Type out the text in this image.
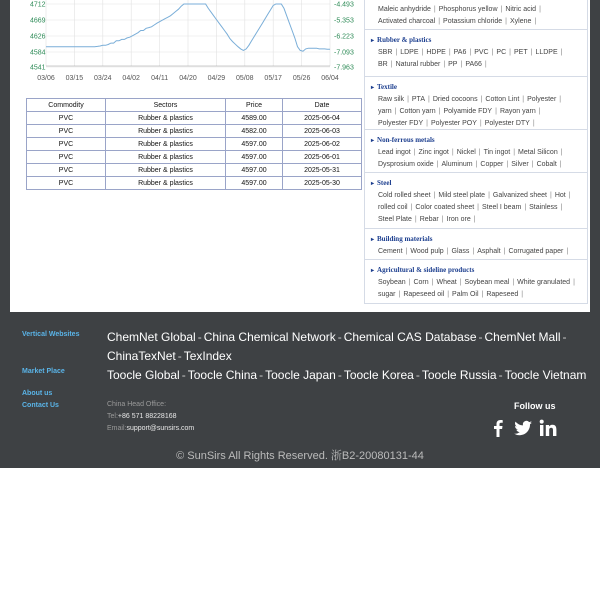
4712
4669
4626
4584
4541
-4.493
-5.353
-6.223
-7.093
-7.963
03/06 03/15 03/24 04/02 04/11 04/20 04/29 05/08 05/17 05/26 06/04
Commodity	Sectors	Price	Date
PVC	Rubber & plastics	4589.00	2025-06-04
PVC	Rubber & plastics	4582.00	2025-06-03
PVC	Rubber & plastics	4597.00	2025-06-02
PVC	Rubber & plastics	4597.00	2025-06-01
PVC	Rubber & plastics	4597.00	2025-05-31
PVC	Rubber & plastics	4597.00	2025-05-30
Maleic anhydride | Phosphorus yellow | Nitric acid |
Activated charcoal | Potassium chloride | Xylene |
▸ Rubber & plastics
SBR | LDPE | HDPE | PA6 | PVC | PC | PET | LLDPE |
BR | Natural rubber | PP | PA66 |
▸ Textile
Raw silk | PTA | Dried cocoons | Cotton Lint | Polyester |
yarn | Cotton yarn | Polyamide FDY | Rayon yarn |
Polyester FDY | Polyester POY | Polyester DTY |
▸ Non-ferrous metals
Lead ingot | Zinc ingot | Nickel | Tin ingot | Metal Silicon |
Dysprosium oxide | Aluminum | Copper | Silver | Cobalt |
▸ Steel
Cold rolled sheet | Mild steel plate | Galvanized sheet | Hot |
rolled coil | Color coated sheet | Steel I beam | Stainless |
Steel Plate | Rebar | Iron ore |
▸ Building materials
Cement | Wood pulp | Glass | Asphalt | Corrugated paper |
▸ Agricultural & sideline products
Soybean | Corn | Wheat | Soybean meal | White granulated |
sugar | Rapeseed oil | Palm Oil | Rapeseed |
Vertical Websites
Market Place
About us
Contact Us
ChemNet Global - China Chemical Network - Chemical CAS Database - ChemNet Mall -
ChinaTexNet - TexIndex
Toocle Global - Toocle China - Toocle Japan - Toocle Korea - Toocle Russia - Toocle Vietnam
China Head Office:
Tel:+86 571 88228168
Email:support@sunsirs.com
Follow us
© SunSirs All Rights Reserved. 浙B2-20080131-44
